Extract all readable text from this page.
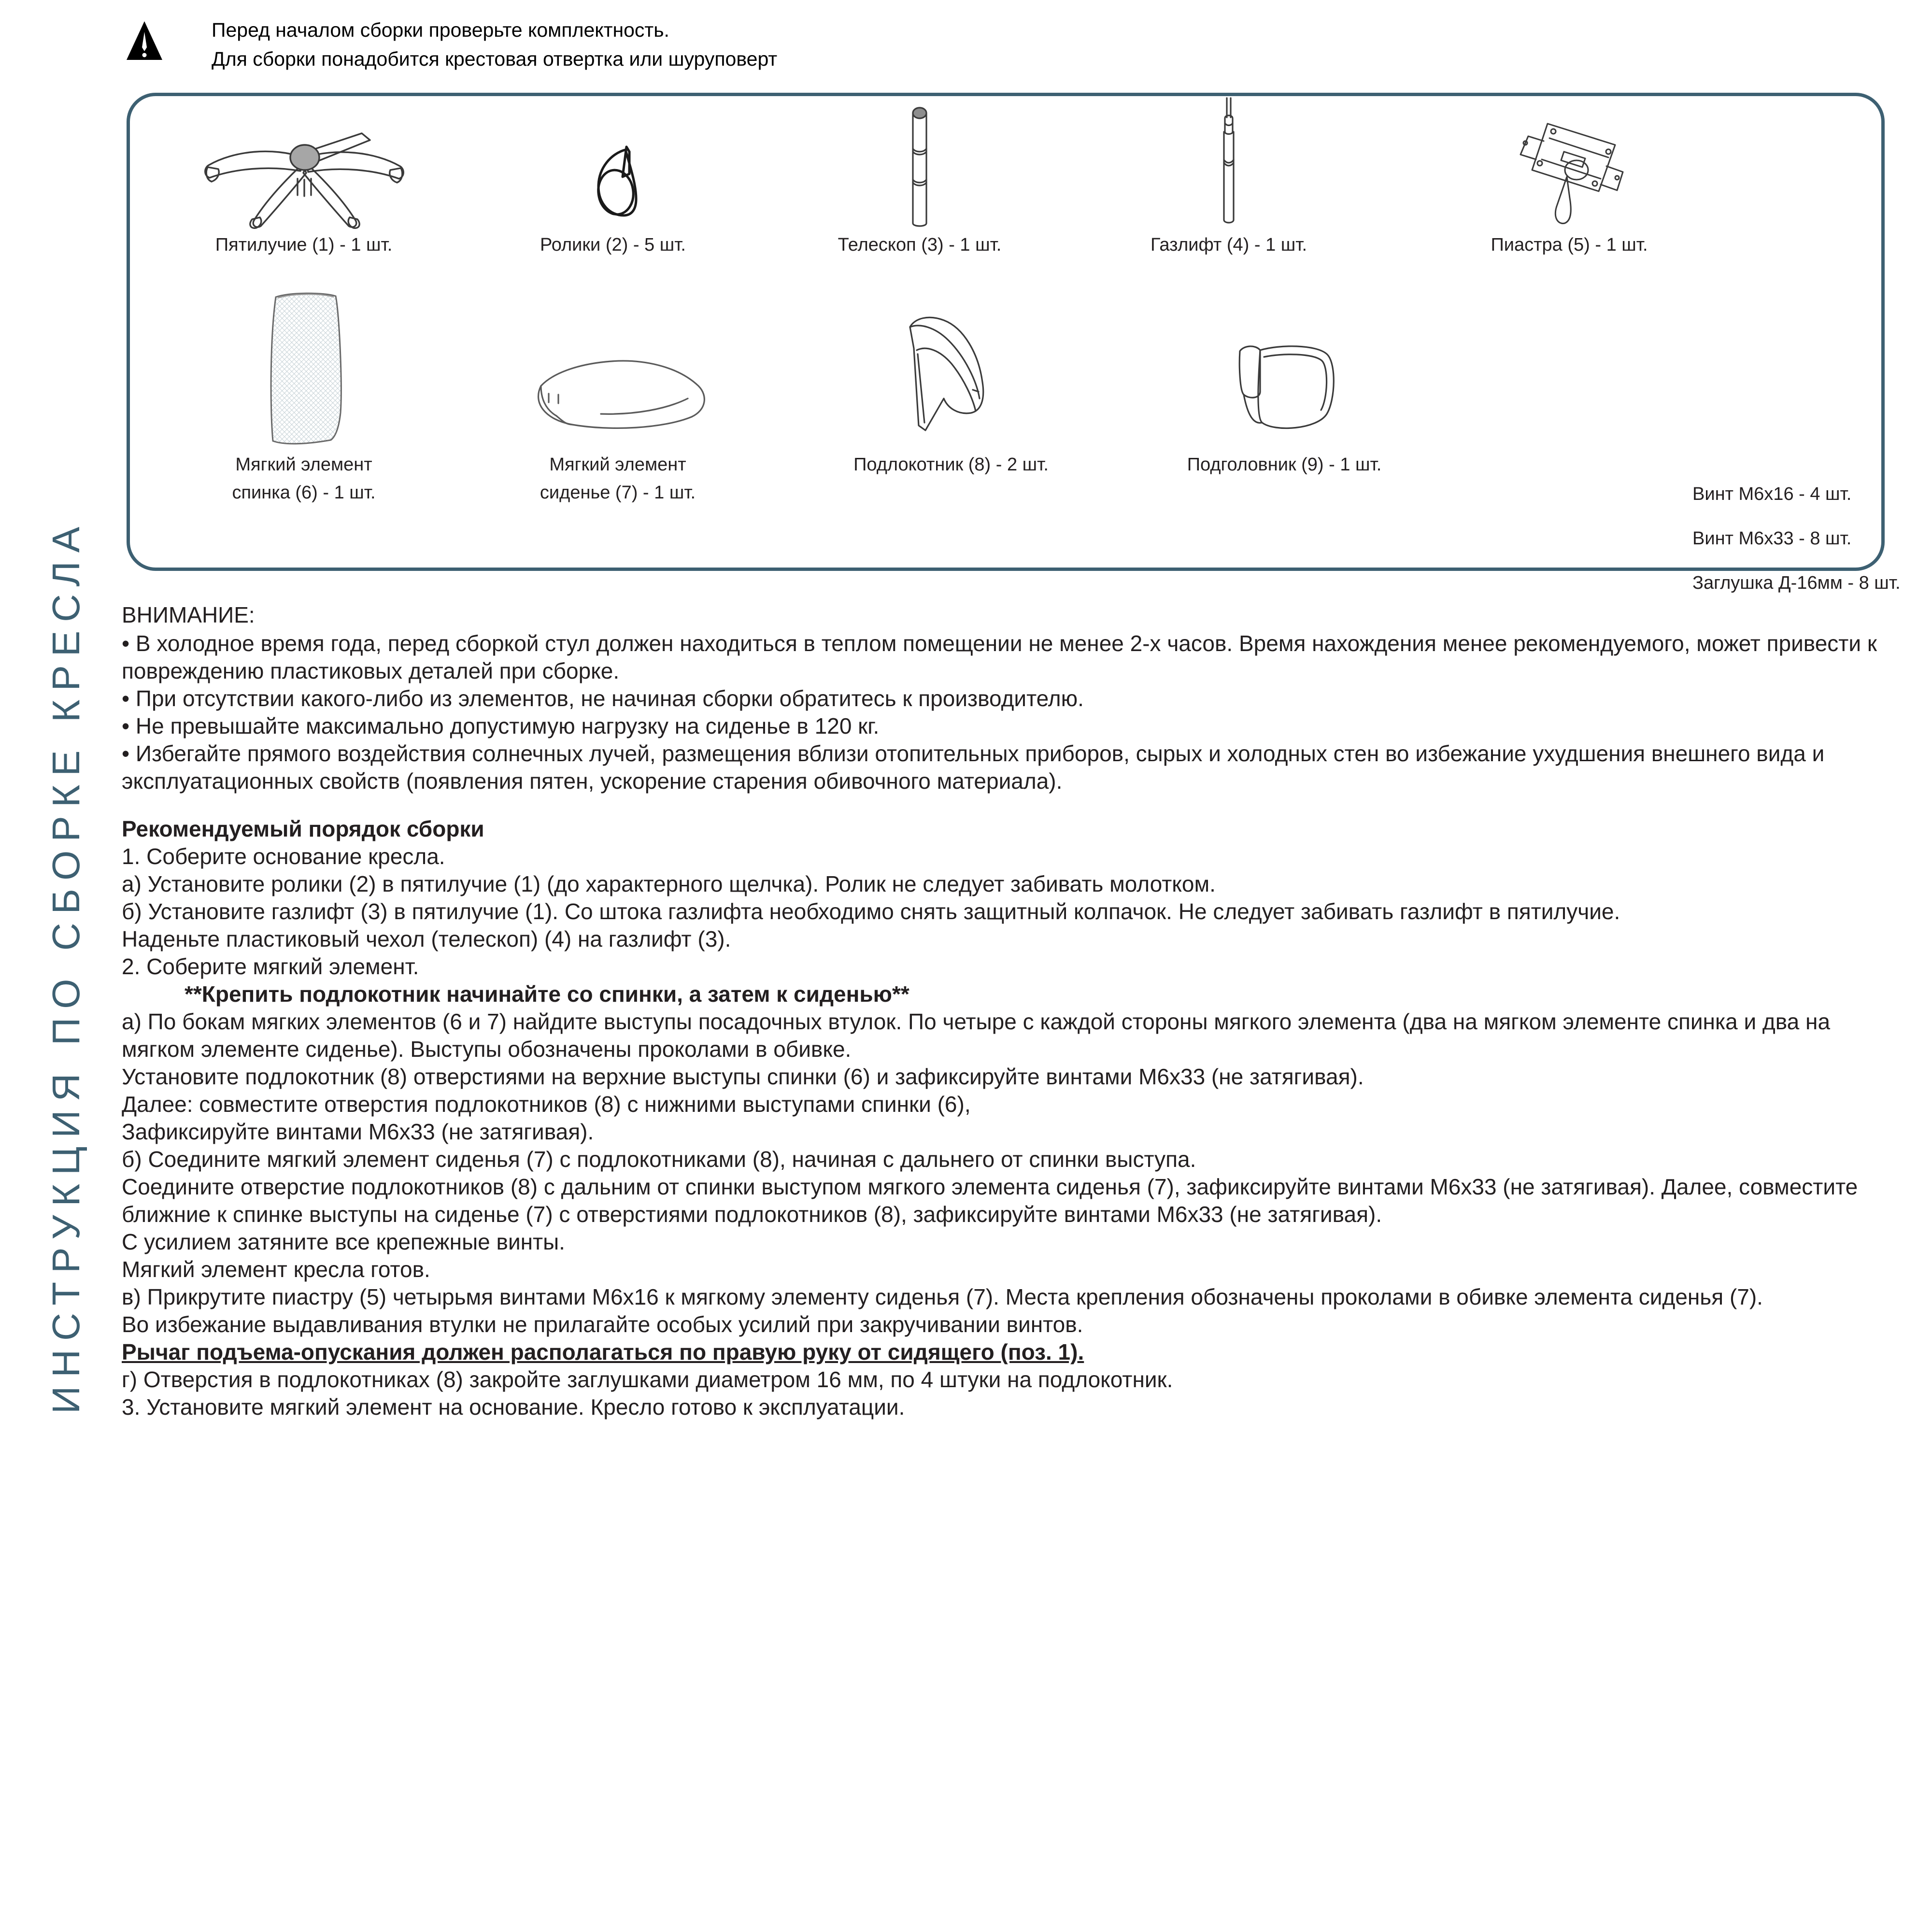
ИНСТРУКЦИЯ ПО СБОРКЕ КРЕСЛА
Перед началом сборки проверьте комплектность.
Для сборки понадобится крестовая отвертка или шуруповерт
Пятилучие (1) - 1 шт.	Ролики (2) - 5 шт.	Телескоп (3) - 1 шт.	Газлифт (4) - 1 шт.	Пиастра (5) - 1 шт.
Мягкий элемент
спинка (6) - 1 шт.
Мягкий элемент
сиденье (7) - 1 шт.
Подлокотник (8) - 2 шт.	Подголовник (9) - 1 шт.
Винт М6х16 - 4 шт.
Винт М6х33 - 8 шт.
Заглушка Д-16мм - 8 шт.

ВНИМАНИЕ:

• В холодное время года, перед сборкой стул должен находиться в теплом помещении не менее 2-х часов. Время нахождения менее рекомендуемого, может привести к повреждению пластиковых деталей при сборке.

• При отсутствии какого-либо из элементов, не начиная сборки обратитесь к производителю.

• Не превышайте максимально допустимую нагрузку на сиденье в 120 кг.

• Избегайте прямого воздействия солнечных лучей, размещения вблизи отопительных приборов, сырых и холодных стен во избежание ухудшения внешнего вида и эксплуатационных свойств (появления пятен, ускорение старения обивочного материала).

Рекомендуемый порядок сборки

1. Соберите основание кресла.

а) Установите ролики (2) в пятилучие (1) (до характерного щелчка). Ролик не следует забивать молотком.

б) Установите газлифт (3) в пятилучие (1). Со штока газлифта необходимо снять защитный колпачок. Не следует забивать газлифт в пятилучие.

Наденьте пластиковый чехол (телескоп) (4) на газлифт (3).

2. Соберите мягкий элемент.

**Крепить подлокотник начинайте со спинки, а затем к сиденью**

а) По бокам мягких элементов (6 и 7) найдите выступы посадочных втулок. По четыре с каждой стороны мягкого элемента (два на мягком элементе спинка и два на мягком элементе сиденье). Выступы обозначены проколами в обивке.

Установите подлокотник (8) отверстиями на верхние выступы спинки (6) и зафиксируйте винтами М6х33 (не затягивая).

Далее: совместите отверстия подлокотников (8) с нижними выступами спинки (6),

Зафиксируйте винтами М6х33 (не затягивая).

б) Соедините мягкий элемент сиденья (7) с подлокотниками (8), начиная с дальнего от спинки выступа.

Соедините отверстие подлокотников (8) с дальним от спинки выступом мягкого элемента сиденья (7), зафиксируйте винтами М6х33 (не затягивая). Далее, совместите ближние к спинке выступы на сиденье (7) с отверстиями подлокотников (8), зафиксируйте винтами М6х33 (не затягивая).

С усилием затяните все крепежные винты.

Мягкий элемент кресла готов.

в) Прикрутите пиастру (5) четырьмя винтами М6х16 к мягкому элементу сиденья (7). Места крепления обозначены проколами в обивке элемента сиденья (7).

Во избежание выдавливания втулки не прилагайте особых усилий при закручивании винтов.

Рычаг подъема-опускания должен располагаться по правую руку от сидящего (поз. 1).

г) Отверстия в подлокотниках (8) закройте заглушками диаметром 16 мм, по 4 штуки на подлокотник.

3. Установите мягкий элемент на основание. Кресло готово к эксплуатации.
